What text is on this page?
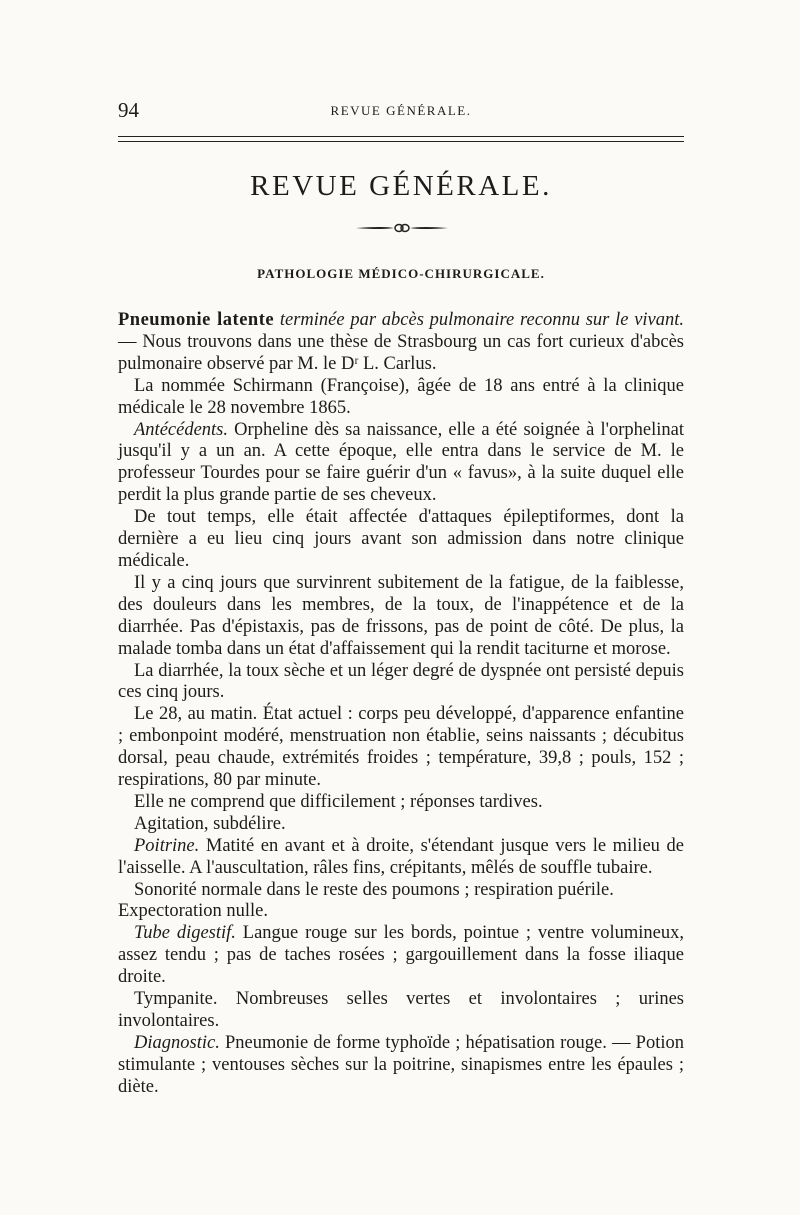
94	REVUE GÉNÉRALE.
REVUE GÉNÉRALE.
PATHOLOGIE MÉDICO-CHIRURGICALE.

Pneumonie latente terminée par abcès pulmonaire reconnu sur le vivant. — Nous trouvons dans une thèse de Strasbourg un cas fort curieux d'abcès pulmonaire observé par M. le Dʳ L. Carlus.

La nommée Schirmann (Françoise), âgée de 18 ans entré à la clinique médicale le 28 novembre 1865.

Antécédents. Orpheline dès sa naissance, elle a été soignée à l'orphelinat jusqu'il y a un an. A cette époque, elle entra dans le service de M. le professeur Tourdes pour se faire guérir d'un « favus», à la suite duquel elle perdit la plus grande partie de ses cheveux.

De tout temps, elle était affectée d'attaques épileptiformes, dont la dernière a eu lieu cinq jours avant son admission dans notre clinique médicale.

Il y a cinq jours que survinrent subitement de la fatigue, de la faiblesse, des douleurs dans les membres, de la toux, de l'inappétence et de la diarrhée. Pas d'épistaxis, pas de frissons, pas de point de côté. De plus, la malade tomba dans un état d'affaissement qui la rendit taciturne et morose.

La diarrhée, la toux sèche et un léger degré de dyspnée ont persisté depuis ces cinq jours.

Le 28, au matin. État actuel : corps peu développé, d'apparence enfantine ; embonpoint modéré, menstruation non établie, seins naissants ; décubitus dorsal, peau chaude, extrémités froides ; température, 39,8 ; pouls, 152 ; respirations, 80 par minute.

Elle ne comprend que difficilement ; réponses tardives.

Agitation, subdélire.

Poitrine. Matité en avant et à droite, s'étendant jusque vers le milieu de l'aisselle. A l'auscultation, râles fins, crépitants, mêlés de souffle tubaire.

Sonorité normale dans le reste des poumons ; respiration puérile.

Expectoration nulle.

Tube digestif. Langue rouge sur les bords, pointue ; ventre volumineux, assez tendu ; pas de taches rosées ; gargouillement dans la fosse iliaque droite.

Tympanite. Nombreuses selles vertes et involontaires ; urines involontaires.

Diagnostic. Pneumonie de forme typhoïde ; hépatisation rouge. — Potion stimulante ; ventouses sèches sur la poitrine, sinapismes entre les épaules ; diète.
